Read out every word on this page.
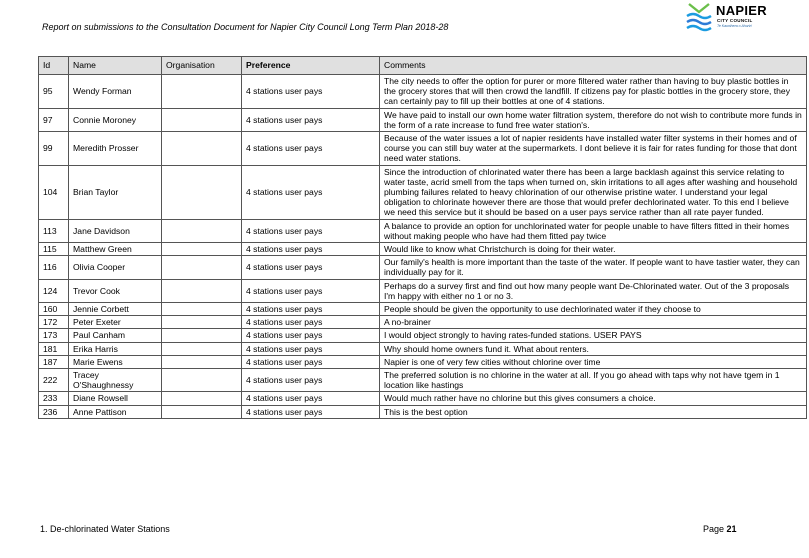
Report on submissions to the Consultation Document for Napier City Council Long Term Plan 2018-28
NAPIER
CITY COUNCIL
Te Kaunihera o Ahuriri
Id	Name	Organisation	Preference	Comments
95	Wendy Forman		4 stations user pays	The city needs to offer the option for purer or more filtered water rather than having to buy plastic bottles in the grocery stores that will then crowd the landfill. If citizens pay for plastic bottles in the grocery store, they can certainly pay to fill up their bottles at one of 4 stations.
97	Connie Moroney		4 stations user pays	We have paid to install our own home water filtration system, therefore do not wish to contribute more funds in the form of a rate increase to fund free water station's.
99	Meredith Prosser		4 stations user pays	Because of the water issues a lot of napier residents have installed water filter systems in their homes and of course you can still buy water at the supermarkets. I dont believe it is fair for rates funding for those that dont need water stations.
104	Brian Taylor		4 stations user pays	Since the introduction of chlorinated water there has been a large backlash against this service relating to water taste, acrid smell from the taps when turned on, skin irritations to all ages after washing and household plumbing failures related to heavy chlorination of our otherwise pristine water. I understand your legal obligation to chlorinate however there are those that would prefer dechlorinated water. To this end I believe we need this service but it should be based on a user pays service rather than all rate payer funded.
113	Jane Davidson		4 stations user pays	A balance to provide an option for unchlorinated water for people unable to have filters fitted in their homes without making people who have had them fitted pay twice
115	Matthew Green		4 stations user pays	Would like to know what Christchurch is doing for their water.
116	Olivia Cooper		4 stations user pays	Our family's health is more important than the taste of the water. If people want to have tastier water, they can individually pay for it.
124	Trevor Cook		4 stations user pays	Perhaps do a survey first and find out how many people want De-Chlorinated water. Out of the 3 proposals I'm happy with either no 1 or no 3.
160	Jennie Corbett		4 stations user pays	People should be given the opportunity to use dechlorinated water if they choose to
172	Peter Exeter		4 stations user pays	A no-brainer
173	Paul Canham		4 stations user pays	I would object strongly to having rates-funded stations. USER PAYS
181	Erika Harris		4 stations user pays	Why should home owners fund it. What about renters.
187	Marie Ewens		4 stations user pays	Napier is one of very few cities without chlorine over time
222	Tracey O'Shaughnessy		4 stations user pays	The preferred solution is no chlorine in the water at all. If you go ahead with taps why not have tgem in 1 location like hastings
233	Diane Rowsell		4 stations user pays	Would much rather have no chlorine but this gives consumers a choice.
236	Anne Pattison		4 stations user pays	This is the best option
1. De-chlorinated Water Stations	Page 21
